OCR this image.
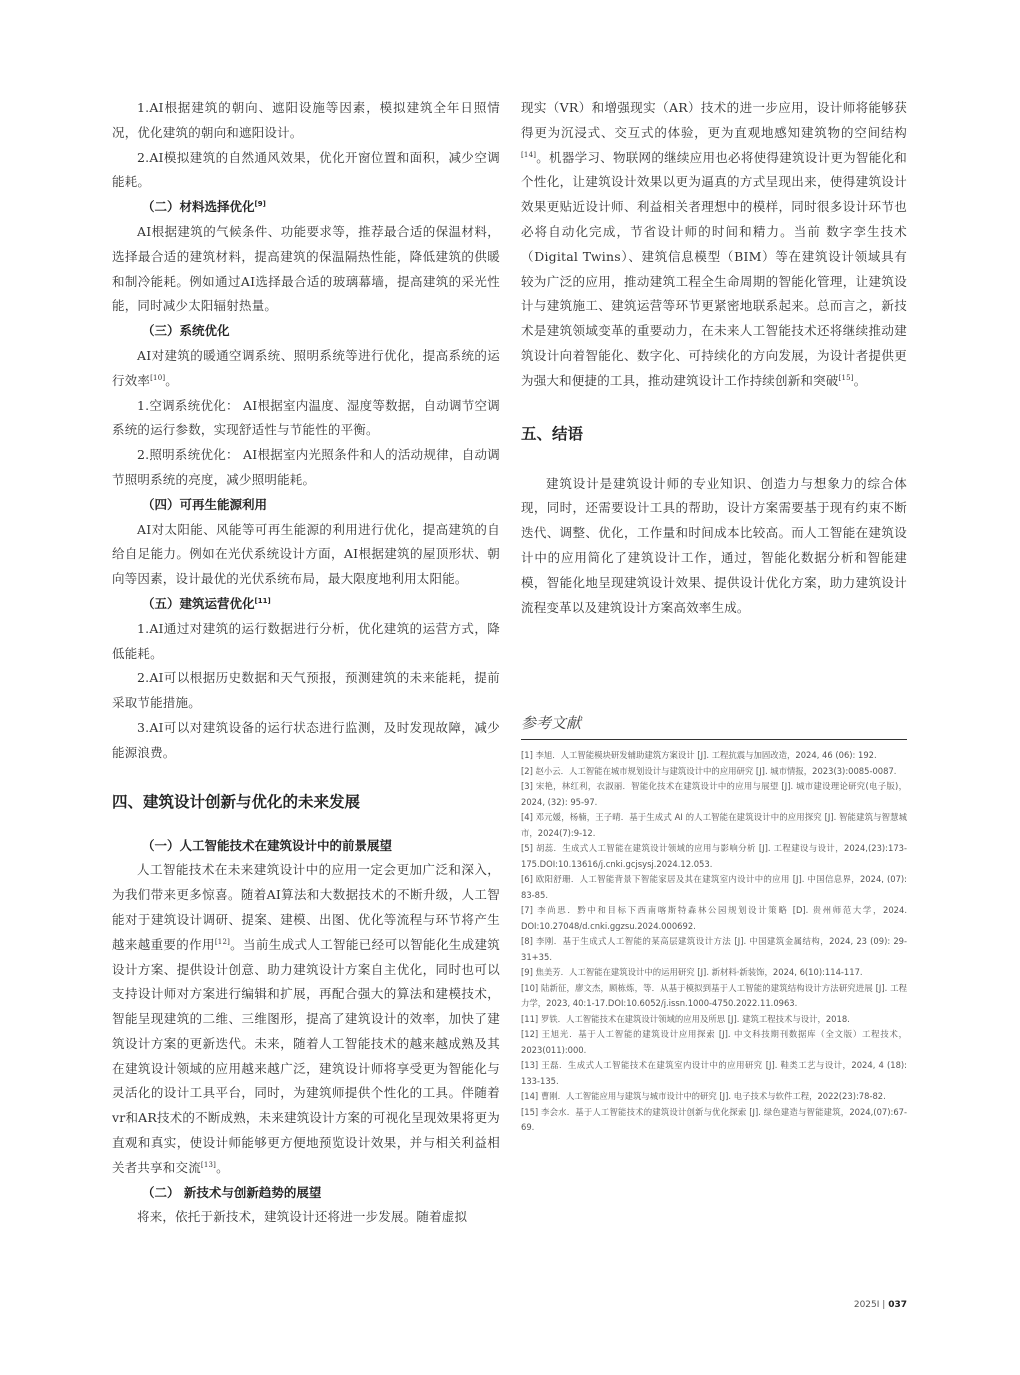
1.AI根据建筑的朝向、遮阳设施等因素，模拟建筑全年日照情况，优化建筑的朝向和遮阳设计。

2.AI模拟建筑的自然通风效果，优化开窗位置和面积，减少空调能耗。

（二）材料选择优化[9]

AI根据建筑的气候条件、功能要求等，推荐最合适的保温材料，选择最合适的建筑材料，提高建筑的保温隔热性能，降低建筑的供暖和制冷能耗。例如通过AI选择最合适的玻璃幕墙，提高建筑的采光性能，同时减少太阳辐射热量。

（三）系统优化

AI对建筑的暖通空调系统、照明系统等进行优化，提高系统的运行效率[10]。

1.空调系统优化： AI根据室内温度、湿度等数据，自动调节空调系统的运行参数，实现舒适性与节能性的平衡。

2.照明系统优化： AI根据室内光照条件和人的活动规律，自动调节照明系统的亮度，减少照明能耗。

（四）可再生能源利用

AI对太阳能、风能等可再生能源的利用进行优化，提高建筑的自给自足能力。例如在光伏系统设计方面，AI根据建筑的屋顶形状、朝向等因素，设计最优的光伏系统布局，最大限度地利用太阳能。

（五）建筑运营优化[11]

1.AI通过对建筑的运行数据进行分析，优化建筑的运营方式，降低能耗。

2.AI可以根据历史数据和天气预报，预测建筑的未来能耗，提前采取节能措施。

3.AI可以对建筑设备的运行状态进行监测，及时发现故障，减少能源浪费。

四、建筑设计创新与优化的未来发展

（一）人工智能技术在建筑设计中的前景展望

人工智能技术在未来建筑设计中的应用一定会更加广泛和深入，为我们带来更多惊喜。随着AI算法和大数据技术的不断升级，人工智能对于建筑设计调研、提案、建模、出图、优化等流程与环节将产生越来越重要的作用[12]。当前生成式人工智能已经可以智能化生成建筑设计方案、提供设计创意、助力建筑设计方案自主优化，同时也可以支持设计师对方案进行编辑和扩展，再配合强大的算法和建模技术，智能呈现建筑的二维、三维图形，提高了建筑设计的效率，加快了建筑设计方案的更新迭代。未来，随着人工智能技术的越来越成熟及其在建筑设计领域的应用越来越广泛，建筑设计师将享受更为智能化与灵活化的设计工具平台，同时，为建筑师提供个性化的工具。伴随着vr和AR技术的不断成熟，未来建筑设计方案的可视化呈现效果将更为直观和真实，使设计师能够更方便地预览设计效果，并与相关利益相关者共享和交流[13]。

（二） 新技术与创新趋势的展望

将来，依托于新技术，建筑设计还将进一步发展。随着虚拟

现实（VR）和增强现实（AR）技术的进一步应用，设计师将能够获得更为沉浸式、交互式的体验，更为直观地感知建筑物的空间结构[14]。机器学习、物联网的继续应用也必将使得建筑设计更为智能化和个性化，让建筑设计效果以更为逼真的方式呈现出来，使得建筑设计效果更贴近设计师、利益相关者理想中的模样，同时很多设计环节也必将自动化完成，节省设计师的时间和精力。当前 数字孪生技术（Digital Twins）、建筑信息模型（BIM）等在建筑设计领域具有较为广泛的应用，推动建筑工程全生命周期的智能化管理，让建筑设计与建筑施工、建筑运营等环节更紧密地联系起来。总而言之，新技术是建筑领域变革的重要动力，在未来人工智能技术还将继续推动建筑设计向着智能化、数字化、可持续化的方向发展，为设计者提供更为强大和便捷的工具，推动建筑设计工作持续创新和突破[15]。

五、结语

建筑设计是建筑设计师的专业知识、创造力与想象力的综合体现，同时，还需要设计工具的帮助，设计方案需要基于现有约束不断迭代、调整、优化，工作量和时间成本比较高。而人工智能在建筑设计中的应用简化了建筑设计工作，通过，智能化数据分析和智能建模，智能化地呈现建筑设计效果、提供设计优化方案，助力建筑设计流程变革以及建筑设计方案高效率生成。

参考文献

[1] 李旭．人工智能模块研发辅助建筑方案设计 [J]. 工程抗震与加固改造，2024, 46 (06): 192.

[2] 赵小云．人工智能在城市规划设计与建筑设计中的应用研究 [J]. 城市情报，2023(3):0085-0087.

[3] 宋艳，林红利，衣淑丽．智能化技术在建筑设计中的应用与展望 [J]. 城市建设理论研究(电子版)，2024, (32): 95-97.

[4] 邓元媛，杨楠，王子晴．基于生成式 AI 的人工智能在建筑设计中的应用探究 [J]. 智能建筑与智慧城市，2024(7):9-12.

[5] 胡蕊．生成式人工智能在建筑设计领域的应用与影响分析 [J]. 工程建设与设计，2024,(23):173-175.DOI:10.13616/j.cnki.gcjsysj.2024.12.053.

[6] 欧阳舒珊．人工智能背景下智能家居及其在建筑室内设计中的应用 [J]. 中国信息界，2024, (07): 83-85.

[7] 李尚思．黔中和目标下西南喀斯特森林公园规划设计策略 [D]. 贵州师范大学，2024. DOI:10.27048/d.cnki.ggzsu.2024.000692.

[8] 李刚．基于生成式人工智能的某高层建筑设计方法 [J]. 中国建筑金属结构，2024, 23 (09): 29-31+35.

[9] 焦美芳．人工智能在建筑设计中的运用研究 [J]. 新材料·新装饰，2024, 6(10):114-117.

[10] 陆新征，廖文杰，顾栋炼，等．从基于模拟到基于人工智能的建筑结构设计方法研究进展 [J]. 工程力学，2023, 40:1-17.DOI:10.6052/j.issn.1000-4750.2022.11.0963.

[11] 罗铁．人工智能技术在建筑设计领域的应用及所思 [J]. 建筑工程技术与设计，2018.

[12] 王旭光．基于人工智能的建筑设计应用探索 [J]. 中文科技期刊数据库（全文版）工程技术，2023(011):000.

[13] 王磊．生成式人工智能技术在建筑室内设计中的应用研究 [J]. 鞋类工艺与设计，2024, 4 (18): 133-135.

[14] 曹刚．人工智能应用与建筑与城市设计中的研究 [J]. 电子技术与软件工程，2022(23):78-82.

[15] 李会水．基于人工智能技术的建筑设计创新与优化探索 [J]. 绿色建造与智能建筑，2024,(07):67-69.

2025I | 037
